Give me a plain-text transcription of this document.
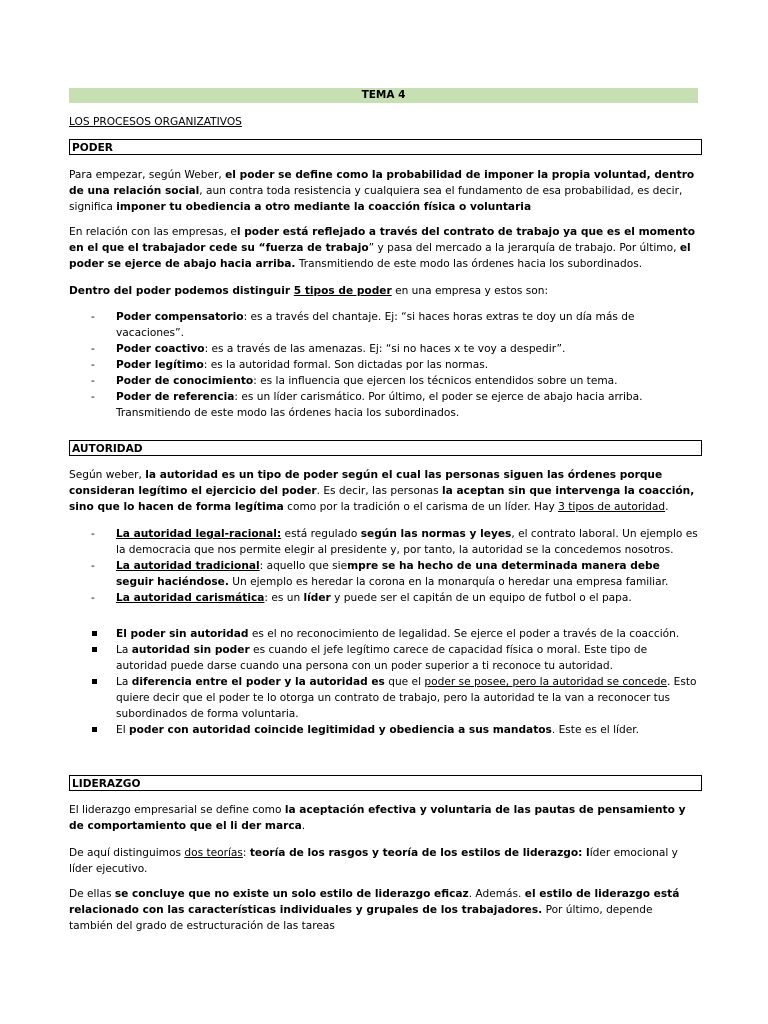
TEMA 4
LOS PROCESOS ORGANIZATIVOS
PODER

Para empezar, según Weber, el poder se define como la probabilidad de imponer la propia voluntad, dentro de una relación social, aun contra toda resistencia y cualquiera sea el fundamento de esa probabilidad, es decir, significa imponer tu obediencia a otro mediante la coacción física o voluntaria

En relación con las empresas, el poder está reflejado a través del contrato de trabajo ya que es el momento en el que el trabajador cede su “fuerza de trabajo” y pasa del mercado a la jerarquía de trabajo. Por último, el poder se ejerce de abajo hacia arriba. Transmitiendo de este modo las órdenes hacia los subordinados.

Dentro del poder podemos distinguir 5 tipos de poder en una empresa y estos son:

- Poder compensatorio: es a través del chantaje. Ej: “si haces horas extras te doy un día más de vacaciones”.
- Poder coactivo: es a través de las amenazas. Ej: “si no haces x te voy a despedir”.
- Poder legítimo: es la autoridad formal. Son dictadas por las normas.
- Poder de conocimiento: es la influencia que ejercen los técnicos entendidos sobre un tema.
- Poder de referencia: es un líder carismático. Por último, el poder se ejerce de abajo hacia arriba. Transmitiendo de este modo las órdenes hacia los subordinados.
AUTORIDAD

Según weber, la autoridad es un tipo de poder según el cual las personas siguen las órdenes porque consideran legítimo el ejercicio del poder. Es decir, las personas la aceptan sin que intervenga la coacción, sino que lo hacen de forma legítima como por la tradición o el carisma de un líder. Hay 3 tipos de autoridad.

- La autoridad legal-racional: está regulado según las normas y leyes, el contrato laboral. Un ejemplo es la democracia que nos permite elegir al presidente y, por tanto, la autoridad se la concedemos nosotros.
- La autoridad tradicional: aquello que siempre se ha hecho de una determinada manera debe seguir haciéndose. Un ejemplo es heredar la corona en la monarquía o heredar una empresa familiar.
- La autoridad carismática: es un líder y puede ser el capitán de un equipo de futbol o el papa.
El poder sin autoridad es el no reconocimiento de legalidad. Se ejerce el poder a través de la coacción.
La autoridad sin poder es cuando el jefe legítimo carece de capacidad física o moral. Este tipo de autoridad puede darse cuando una persona con un poder superior a ti reconoce tu autoridad.
La diferencia entre el poder y la autoridad es que el poder se posee, pero la autoridad se concede. Esto quiere decir que el poder te lo otorga un contrato de trabajo, pero la autoridad te la van a reconocer tus subordinados de forma voluntaria.
El poder con autoridad coincide legitimidad y obediencia a sus mandatos. Este es el líder.
LIDERAZGO

El liderazgo empresarial se define como la aceptación efectiva y voluntaria de las pautas de pensamiento y de comportamiento que el li der marca.

De aquí distinguimos dos teorías: teoría de los rasgos y teoría de los estilos de liderazgo: líder emocional y líder ejecutivo.

De ellas se concluye que no existe un solo estilo de liderazgo eficaz. Además. el estilo de liderazgo está relacionado con las características individuales y grupales de los trabajadores. Por último, depende también del grado de estructuración de las tareas
